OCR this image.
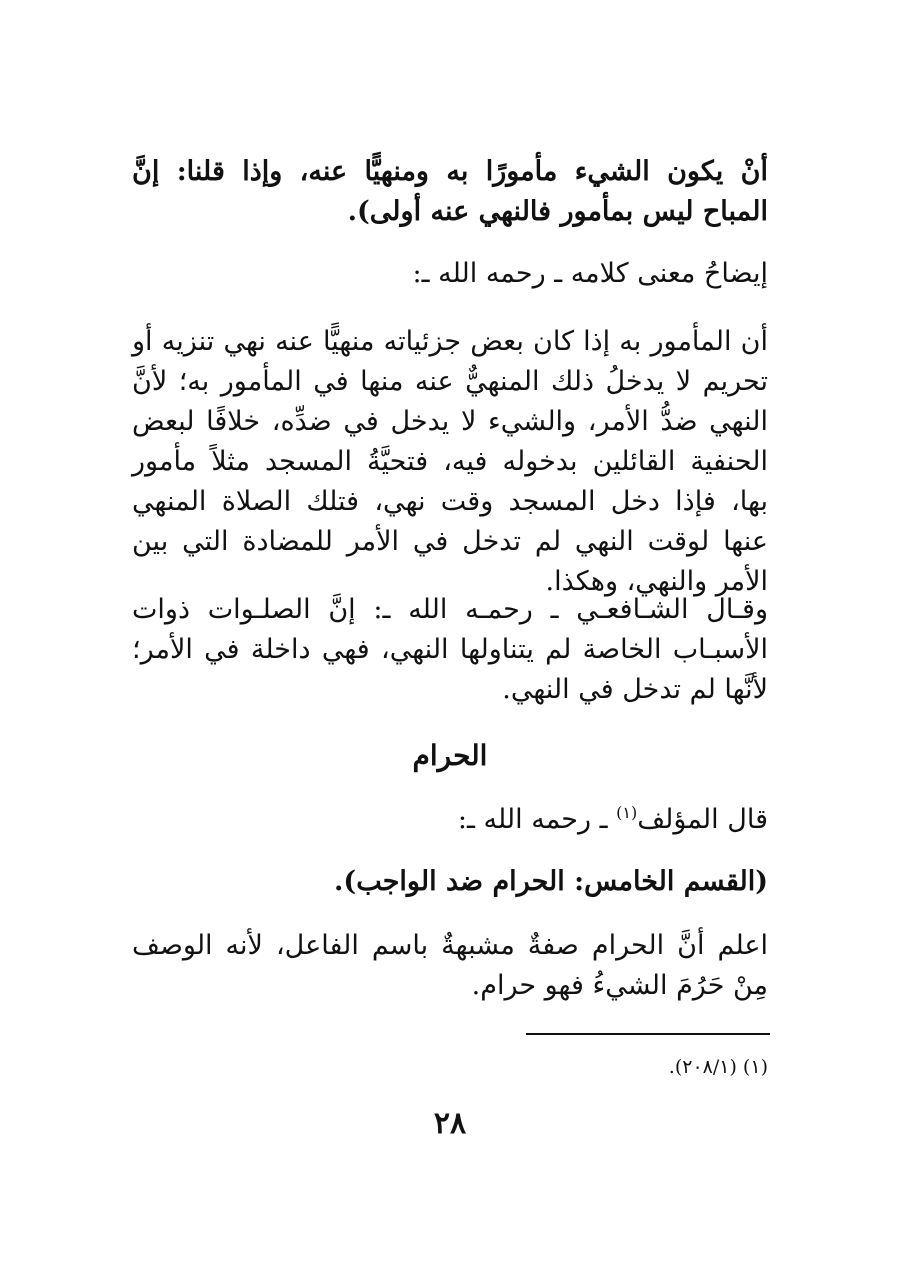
أنْ يكون الشيء مأمورًا به ومنهيًّا عنه، وإذا قلنا: إنَّ المباح ليس بمأمور فالنهي عنه أولى).

إيضاحُ معنى كلامه ـ رحمه الله ـ:

أن المأمور به إذا كان بعض جزئياته منهيًّا عنه نهي تنزيه أو تحريم لا يدخلُ ذلك المنهيٌّ عنه منها في المأمور به؛ لأنَّ النهي ضدُّ الأمر، والشيء لا يدخل في ضدِّه، خلافًا لبعض الحنفية القائلين بدخوله فيه، فتحيَّةُ المسجد مثلاً مأمور بها، فإذا دخل المسجد وقت نهي، فتلك الصلاة المنهي عنها لوقت النهي لم تدخل في الأمر للمضادة التي بين الأمر والنهي، وهكذا.

وقـال الشـافعـي ـ رحمـه الله ـ: إنَّ الصلـوات ذوات الأسبـاب الخاصة لم يتناولها النهي، فهي داخلة في الأمر؛ لأنَّها لم تدخل في النهي.

الحرام

قال المؤلف$^{(١)}$ ـ رحمه الله ـ:

(القسم الخامس: الحرام ضد الواجب).

اعلم أنَّ الحرام صفةٌ مشبهةٌ باسم الفاعل، لأنه الوصف مِنْ حَرُمَ الشيءُ فهو حرام.

(١) (٢٠٨/١).

٢٨
